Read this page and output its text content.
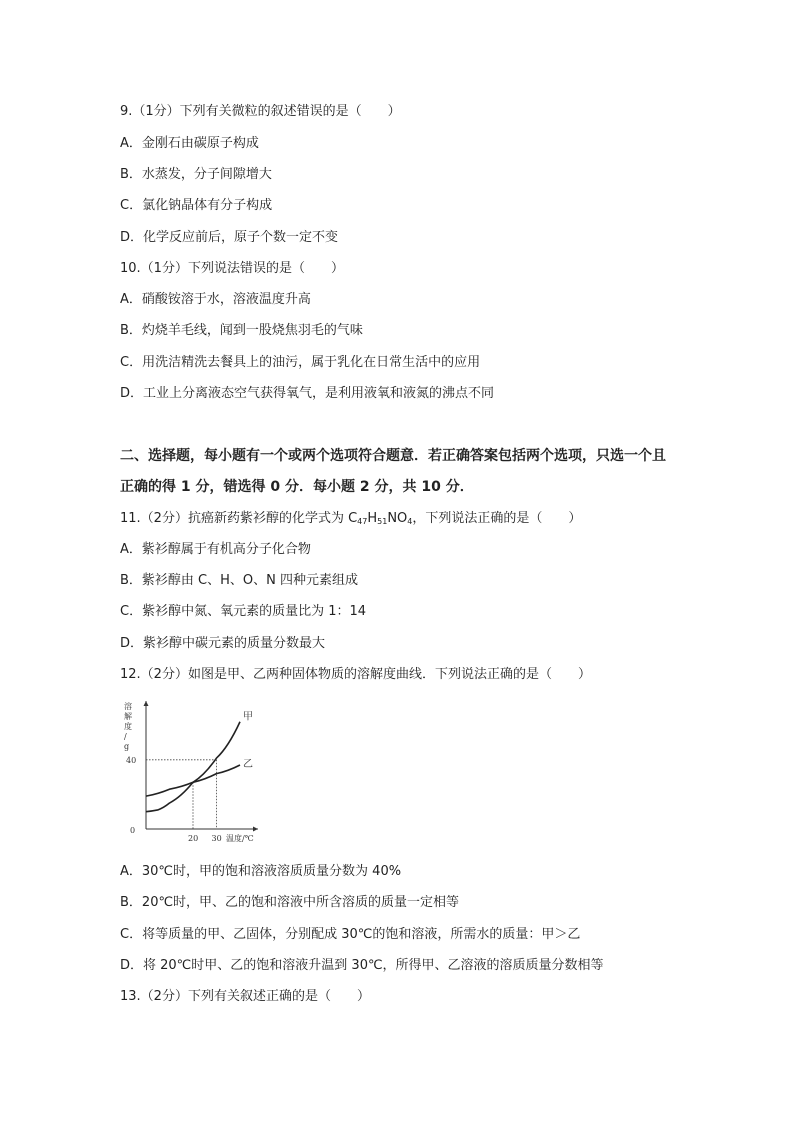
9.（1分）下列有关微粒的叙述错误的是（　　）
A．金刚石由碳原子构成
B．水蒸发，分子间隙增大
C．氯化钠晶体有分子构成
D．化学反应前后，原子个数一定不变
10.（1分）下列说法错误的是（　　）
A．硝酸铵溶于水，溶液温度升高
B．灼烧羊毛线，闻到一股烧焦羽毛的气味
C．用洗洁精洗去餐具上的油污，属于乳化在日常生活中的应用
D．工业上分离液态空气获得氧气，是利用液氧和液氮的沸点不同
二、选择题，每小题有一个或两个选项符合题意．若正确答案包括两个选项，只选一个且
正确的得 1 分，错选得 0 分．每小题 2 分，共 10 分．
11.（2分）抗癌新药紫衫醇的化学式为 $C_{47}H_{51}NO_4$，下列说法正确的是（　　）
A．紫衫醇属于有机高分子化合物
B．紫衫醇由 C、H、O、N 四种元素组成
C．紫衫醇中氮、氧元素的质量比为 1：14
D．紫衫醇中碳元素的质量分数最大
12.（2分）如图是甲、乙两种固体物质的溶解度曲线．下列说法正确的是（　　）
甲
乙
20 30
40
0
温度/℃
溶解度/ g
A．30℃时，甲的饱和溶液溶质质量分数为 40%
B．20℃时，甲、乙的饱和溶液中所含溶质的质量一定相等
C．将等质量的甲、乙固体，分别配成 30℃的饱和溶液，所需水的质量：甲＞乙
D．将 20℃时甲、乙的饱和溶液升温到 30℃，所得甲、乙溶液的溶质质量分数相等
13.（2分）下列有关叙述正确的是（　　）
